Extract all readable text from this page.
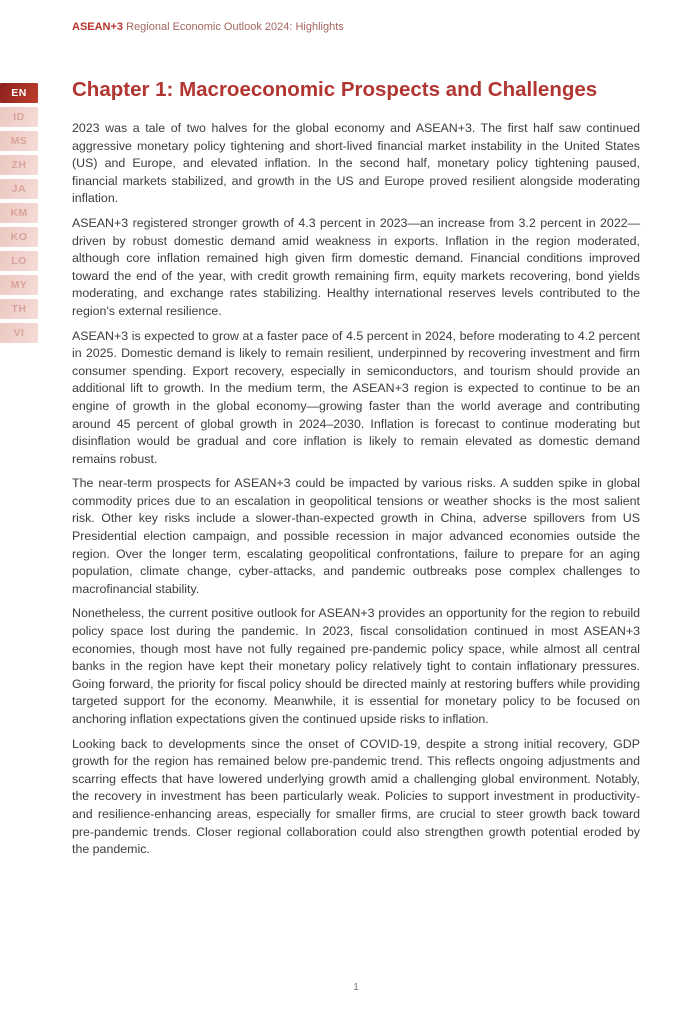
ASEAN+3 Regional Economic Outlook 2024: Highlights
EN
ID
MS
ZH
JA
KM
KO
LO
MY
TH
VI
Chapter 1: Macroeconomic Prospects and Challenges

2023 was a tale of two halves for the global economy and ASEAN+3. The first half saw continued aggressive monetary policy tightening and short-lived financial market instability in the United States (US) and Europe, and elevated inflation. In the second half, monetary policy tightening paused, financial markets stabilized, and growth in the US and Europe proved resilient alongside moderating inflation.

ASEAN+3 registered stronger growth of 4.3 percent in 2023—an increase from 3.2 percent in 2022—driven by robust domestic demand amid weakness in exports. Inflation in the region moderated, although core inflation remained high given firm domestic demand. Financial conditions improved toward the end of the year, with credit growth remaining firm, equity markets recovering, bond yields moderating, and exchange rates stabilizing. Healthy international reserves levels contributed to the region's external resilience.

ASEAN+3 is expected to grow at a faster pace of 4.5 percent in 2024, before moderating to 4.2 percent in 2025. Domestic demand is likely to remain resilient, underpinned by recovering investment and firm consumer spending. Export recovery, especially in semiconductors, and tourism should provide an additional lift to growth. In the medium term, the ASEAN+3 region is expected to continue to be an engine of growth in the global economy—growing faster than the world average and contributing around 45 percent of global growth in 2024–2030. Inflation is forecast to continue moderating but disinflation would be gradual and core inflation is likely to remain elevated as domestic demand remains robust.

The near-term prospects for ASEAN+3 could be impacted by various risks. A sudden spike in global commodity prices due to an escalation in geopolitical tensions or weather shocks is the most salient risk. Other key risks include a slower-than-expected growth in China, adverse spillovers from US Presidential election campaign, and possible recession in major advanced economies outside the region. Over the longer term, escalating geopolitical confrontations, failure to prepare for an aging population, climate change, cyber-attacks, and pandemic outbreaks pose complex challenges to macrofinancial stability.

Nonetheless, the current positive outlook for ASEAN+3 provides an opportunity for the region to rebuild policy space lost during the pandemic. In 2023, fiscal consolidation continued in most ASEAN+3 economies, though most have not fully regained pre-pandemic policy space, while almost all central banks in the region have kept their monetary policy relatively tight to contain inflationary pressures. Going forward, the priority for fiscal policy should be directed mainly at restoring buffers while providing targeted support for the economy. Meanwhile, it is essential for monetary policy to be focused on anchoring inflation expectations given the continued upside risks to inflation.

Looking back to developments since the onset of COVID-19, despite a strong initial recovery, GDP growth for the region has remained below pre-pandemic trend. This reflects ongoing adjustments and scarring effects that have lowered underlying growth amid a challenging global environment. Notably, the recovery in investment has been particularly weak. Policies to support investment in productivity- and resilience-enhancing areas, especially for smaller firms, are crucial to steer growth back toward pre-pandemic trends. Closer regional collaboration could also strengthen growth potential eroded by the pandemic.

1
